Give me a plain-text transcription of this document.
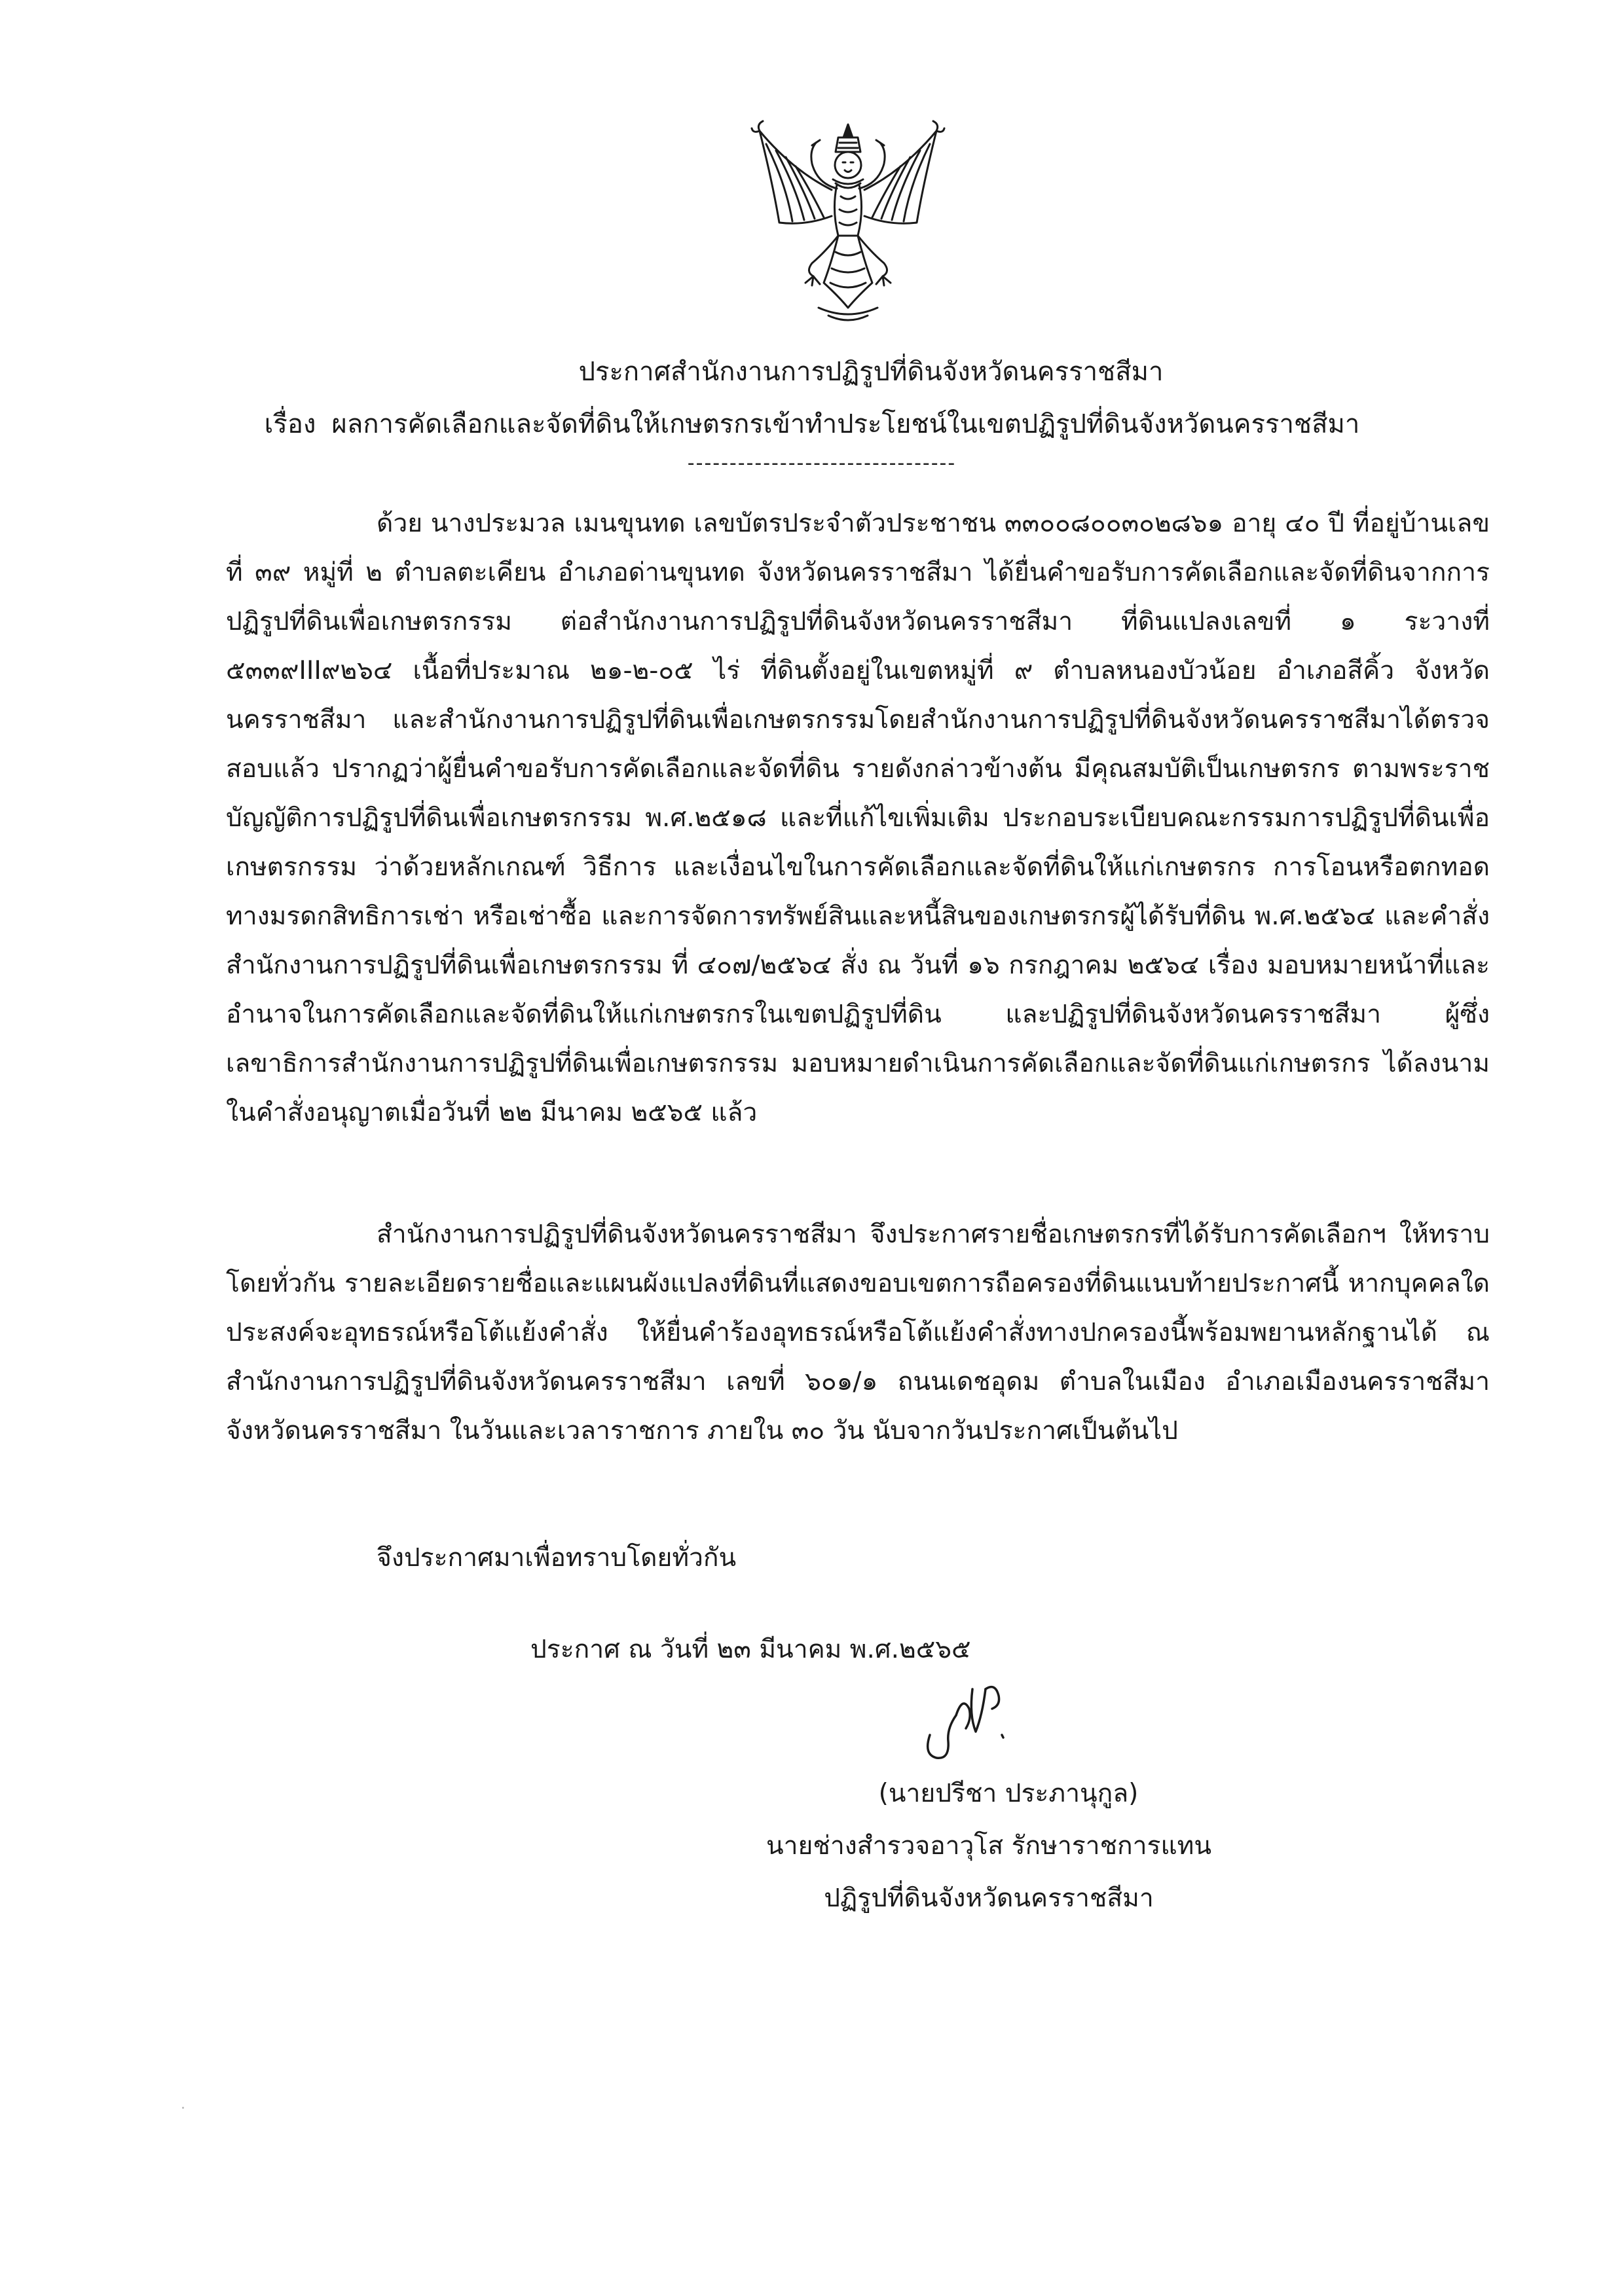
ประกาศสำนักงานการปฏิรูปที่ดินจังหวัดนครราชสีมา
เรื่อง ผลการคัดเลือกและจัดที่ดินให้เกษตรกรเข้าทำประโยชน์ในเขตปฏิรูปที่ดินจังหวัดนครราชสีมา
--------------------------------

ด้วย นางประมวล เมนขุนทด เลขบัตรประจำตัวประชาชน ๓๓๐๐๘๐๐๓๐๒๘๖๑ อายุ ๔๐ ปี ที่อยู่บ้านเลขที่ ๓๙ หมู่ที่ ๒ ตำบลตะเคียน อำเภอด่านขุนทด จังหวัดนครราชสีมา ได้ยื่นคำขอรับการคัดเลือกและจัดที่ดินจากการปฏิรูปที่ดินเพื่อเกษตรกรรม ต่อสำนักงานการปฏิรูปที่ดินจังหวัดนครราชสีมา ที่ดินแปลงเลขที่ ๑ ระวางที่ ๕๓๓๙III๙๒๖๔ เนื้อที่ประมาณ ๒๑-๒-๐๕ ไร่ ที่ดินตั้งอยู่ในเขตหมู่ที่ ๙ ตำบลหนองบัวน้อย อำเภอสีคิ้ว จังหวัดนครราชสีมา และสำนักงานการปฏิรูปที่ดินเพื่อเกษตรกรรมโดยสำนักงานการปฏิรูปที่ดินจังหวัดนครราชสีมาได้ตรวจสอบแล้ว ปรากฏว่าผู้ยื่นคำขอรับการคัดเลือกและจัดที่ดิน รายดังกล่าวข้างต้น มีคุณสมบัติเป็นเกษตรกร ตามพระราชบัญญัติการปฏิรูปที่ดินเพื่อเกษตรกรรม พ.ศ.๒๕๑๘ และที่แก้ไขเพิ่มเติม ประกอบระเบียบคณะกรรมการปฏิรูปที่ดินเพื่อเกษตรกรรม ว่าด้วยหลักเกณฑ์ วิธีการ และเงื่อนไขในการคัดเลือกและจัดที่ดินให้แก่เกษตรกร การโอนหรือตกทอดทางมรดกสิทธิการเช่า หรือเช่าซื้อ และการจัดการทรัพย์สินและหนี้สินของเกษตรกรผู้ได้รับที่ดิน พ.ศ.๒๕๖๔ และคำสั่งสำนักงานการปฏิรูปที่ดินเพื่อเกษตรกรรม ที่ ๔๐๗/๒๕๖๔ สั่ง ณ วันที่ ๑๖ กรกฎาคม ๒๕๖๔ เรื่อง มอบหมายหน้าที่และอำนาจในการคัดเลือกและจัดที่ดินให้แก่เกษตรกรในเขตปฏิรูปที่ดิน และปฏิรูปที่ดินจังหวัดนครราชสีมา ผู้ซึ่งเลขาธิการสำนักงานการปฏิรูปที่ดินเพื่อเกษตรกรรม มอบหมายดำเนินการคัดเลือกและจัดที่ดินแก่เกษตรกร ได้ลงนามในคำสั่งอนุญาตเมื่อวันที่ ๒๒ มีนาคม ๒๕๖๕ แล้ว

สำนักงานการปฏิรูปที่ดินจังหวัดนครราชสีมา จึงประกาศรายชื่อเกษตรกรที่ได้รับการคัดเลือกฯ ให้ทราบโดยทั่วกัน รายละเอียดรายชื่อและแผนผังแปลงที่ดินที่แสดงขอบเขตการถือครองที่ดินแนบท้ายประกาศนี้ หากบุคคลใดประสงค์จะอุทธรณ์หรือโต้แย้งคำสั่ง ให้ยื่นคำร้องอุทธรณ์หรือโต้แย้งคำสั่งทางปกครองนี้พร้อมพยานหลักฐานได้ ณ สำนักงานการปฏิรูปที่ดินจังหวัดนครราชสีมา เลขที่ ๖๐๑/๑ ถนนเดชอุดม ตำบลในเมือง อำเภอเมืองนครราชสีมา จังหวัดนครราชสีมา ในวันและเวลาราชการ ภายใน ๓๐ วัน นับจากวันประกาศเป็นต้นไป

จึงประกาศมาเพื่อทราบโดยทั่วกัน
ประกาศ ณ วันที่ ๒๓ มีนาคม พ.ศ.๒๕๖๕
(นายปรีชา ประภานุกูล)
นายช่างสำรวจอาวุโส รักษาราชการแทน
ปฏิรูปที่ดินจังหวัดนครราชสีมา
